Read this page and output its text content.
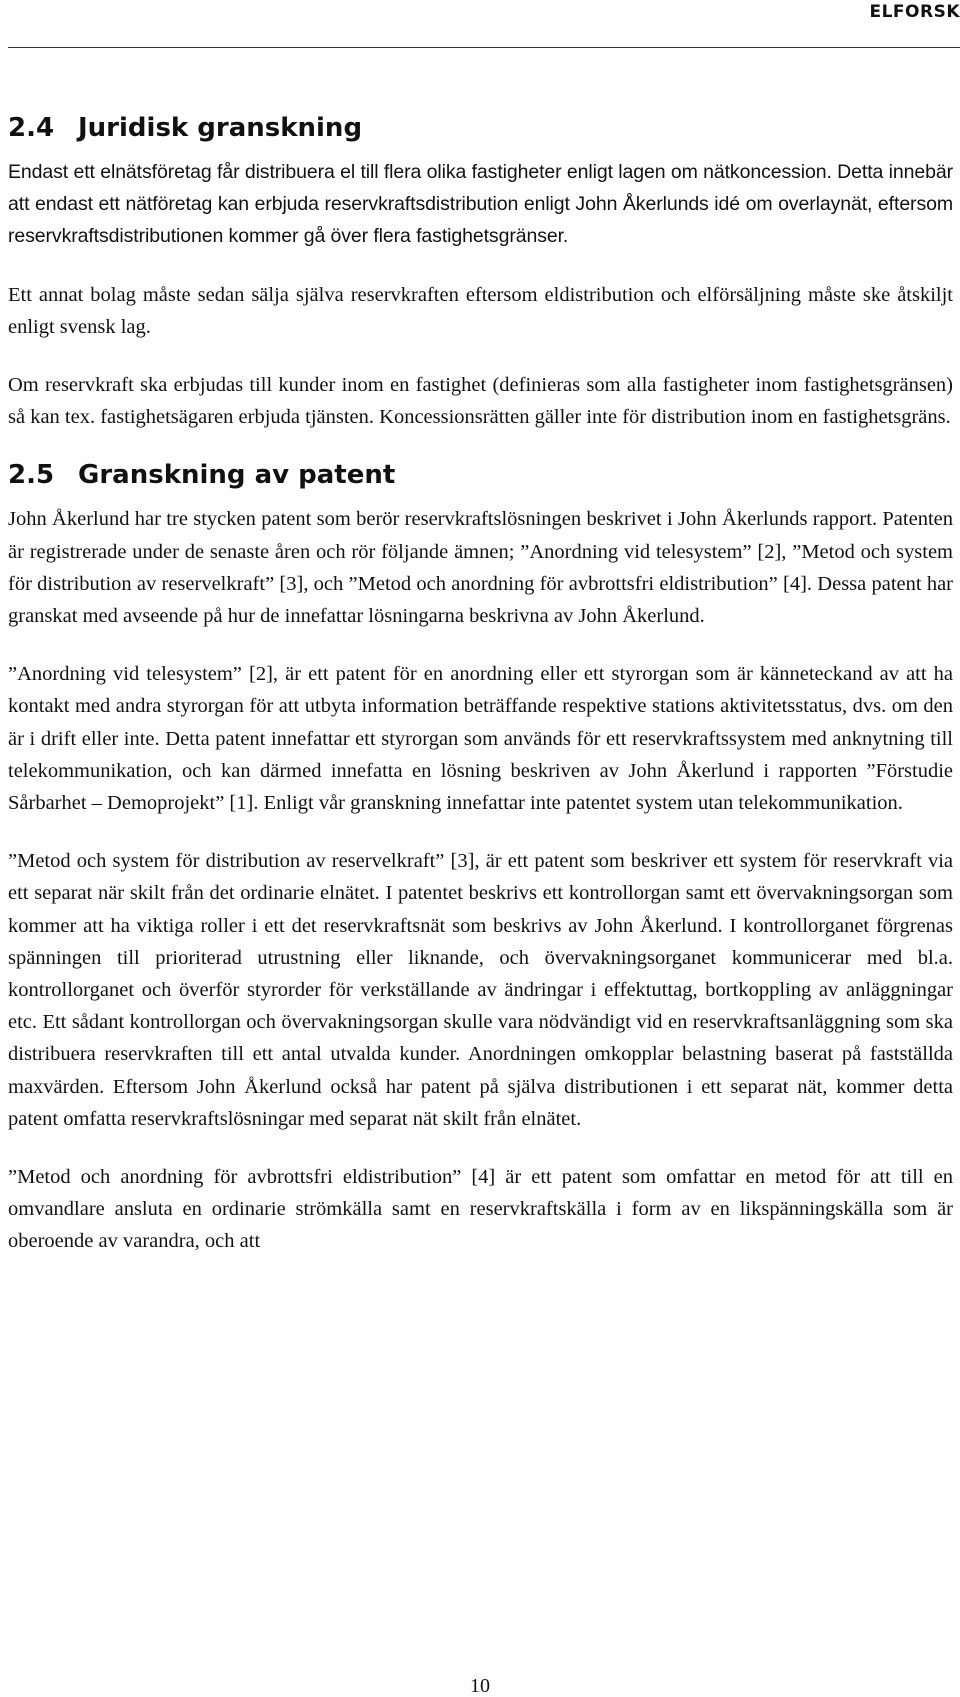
ELFORSK
2.4 Juridisk granskning

Endast ett elnätsföretag får distribuera el till flera olika fastigheter enligt lagen om nätkoncession. Detta innebär att endast ett nätföretag kan erbjuda reservkraftsdistribution enligt John Åkerlunds idé om overlaynät, eftersom reservkraftsdistributionen kommer gå över flera fastighetsgränser.

Ett annat bolag måste sedan sälja själva reservkraften eftersom eldistribution och elförsäljning måste ske åtskiljt enligt svensk lag.

Om reservkraft ska erbjudas till kunder inom en fastighet (definieras som alla fastigheter inom fastighetsgränsen) så kan tex. fastighetsägaren erbjuda tjänsten. Koncessionsrätten gäller inte för distribution inom en fastighetsgräns.

2.5 Granskning av patent

John Åkerlund har tre stycken patent som berör reservkraftslösningen beskrivet i John Åkerlunds rapport. Patenten är registrerade under de senaste åren och rör följande ämnen; ”Anordning vid telesystem” [2], ”Metod och system för distribution av reservelkraft” [3], och ”Metod och anordning för avbrottsfri eldistribution” [4]. Dessa patent har granskat med avseende på hur de innefattar lösningarna beskrivna av John Åkerlund.

”Anordning vid telesystem” [2], är ett patent för en anordning eller ett styrorgan som är känneteckand av att ha kontakt med andra styrorgan för att utbyta information beträffande respektive stations aktivitetsstatus, dvs. om den är i drift eller inte. Detta patent innefattar ett styrorgan som används för ett reservkraftssystem med anknytning till telekommunikation, och kan därmed innefatta en lösning beskriven av John Åkerlund i rapporten ”Förstudie Sårbarhet – Demoprojekt” [1]. Enligt vår granskning innefattar inte patentet system utan telekommunikation.

”Metod och system för distribution av reservelkraft” [3], är ett patent som beskriver ett system för reservkraft via ett separat när skilt från det ordinarie elnätet. I patentet beskrivs ett kontrollorgan samt ett övervakningsorgan som kommer att ha viktiga roller i ett det reservkraftsnät som beskrivs av John Åkerlund. I kontrollorganet förgrenas spänningen till prioriterad utrustning eller liknande, och övervakningsorganet kommunicerar med bl.a. kontrollorganet och överför styrorder för verkställande av ändringar i effektuttag, bortkoppling av anläggningar etc. Ett sådant kontrollorgan och övervakningsorgan skulle vara nödvändigt vid en reservkraftsanläggning som ska distribuera reservkraften till ett antal utvalda kunder. Anordningen omkopplar belastning baserat på fastställda maxvärden. Eftersom John Åkerlund också har patent på själva distributionen i ett separat nät, kommer detta patent omfatta reservkraftslösningar med separat nät skilt från elnätet.

”Metod och anordning för avbrottsfri eldistribution” [4] är ett patent som omfattar en metod för att till en omvandlare ansluta en ordinarie strömkälla samt en reservkraftskälla i form av en likspänningskälla som är oberoende av varandra, och att

10
